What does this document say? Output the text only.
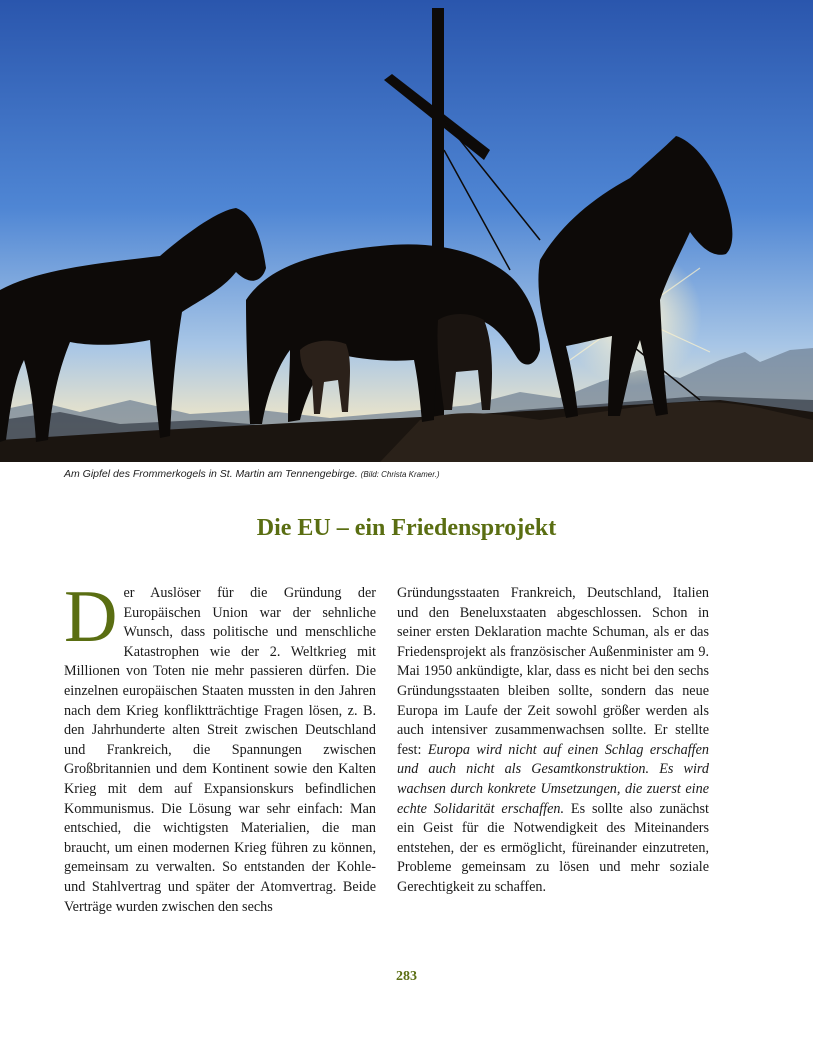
Am Gipfel des Frommerkogels in St. Martin am Tennengebirge. (Bild: Christa Kramer.)
Die EU – ein Friedensprojekt

Der Auslöser für die Gründung der Europäischen Union war der sehnliche Wunsch, dass politische und menschliche Katastrophen wie der 2. Weltkrieg mit Millionen von Toten nie mehr passieren dürfen. Die einzelnen europäischen Staaten mussten in den Jahren nach dem Krieg konfliktträchtige Fragen lösen, z. B. den Jahrhunderte alten Streit zwischen Deutschland und Frankreich, die Spannungen zwischen Großbritannien und dem Kontinent sowie den Kalten Krieg mit dem auf Expansionskurs befindlichen Kommunismus. Die Lösung war sehr einfach: Man entschied, die wichtigsten Materialien, die man braucht, um einen modernen Krieg führen zu können, gemeinsam zu verwalten. So entstanden der Kohle- und Stahlvertrag und später der Atomvertrag. Beide Verträge wurden zwischen den sechs

Gründungsstaaten Frankreich, Deutschland, Italien und den Beneluxstaaten abgeschlossen. Schon in seiner ersten Deklaration machte Schuman, als er das Friedensprojekt als französischer Außenminister am 9. Mai 1950 ankündigte, klar, dass es nicht bei den sechs Gründungsstaaten bleiben sollte, sondern das neue Europa im Laufe der Zeit sowohl größer werden als auch intensiver zusammenwachsen sollte. Er stellte fest: Europa wird nicht auf einen Schlag erschaffen und auch nicht als Gesamtkonstruktion. Es wird wachsen durch konkrete Umsetzungen, die zuerst eine echte Solidarität erschaffen. Es sollte also zunächst ein Geist für die Notwendigkeit des Miteinanders entstehen, der es ermöglicht, füreinander einzutreten, Probleme gemeinsam zu lösen und mehr soziale Gerechtigkeit zu schaffen.

283
